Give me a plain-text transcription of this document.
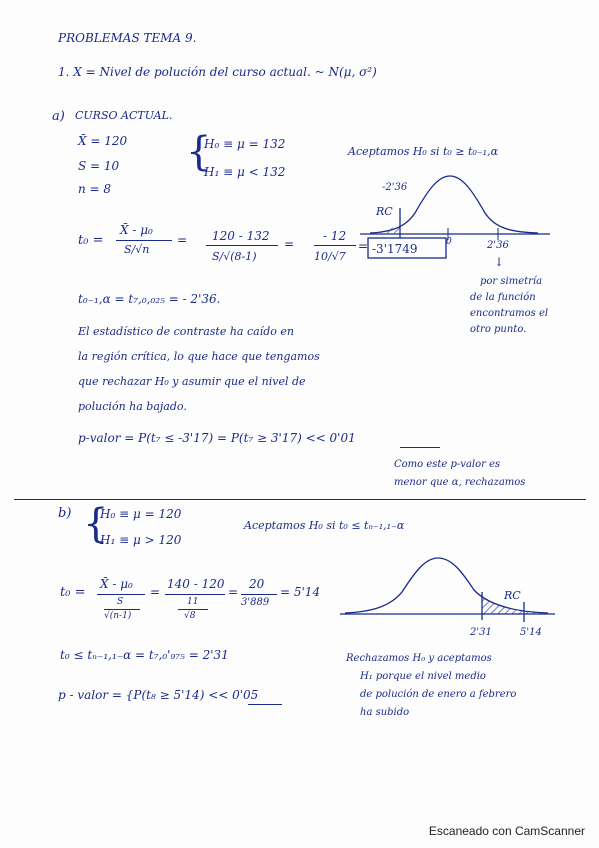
PROBLEMAS TEMA 9.
1. X = Nivel de polución del curso actual. ~ N(μ, σ²)
a) CURSO ACTUAL.
X̄ = 120
S = 10
n = 8
{
H₀ ≡ μ = 132
H₁ ≡ μ < 132
Aceptamos H₀ si t₀ ≥ t₀₋₁,α
-2'36
RC
-3'1749	0	2'36
↓
t₀ =
X̄ - μ₀
S/√n
= 120 - 132
S/√(8-1)
=
- 12
10/√7
=
por simetría
de la función
encontramos el
otro punto.
t₀₋₁,α = t₇,₀,₀₂₅ = - 2'36.
El estadístico de contraste ha caído en
la región crítica, lo que hace que tengamos
que rechazar H₀ y asumir que el nivel de
polución ha bajado.
p-valor = P(t₇ ≤ -3'17) = P(t₇ ≥ 3'17) << 0'01
Como este p-valor es
menor que α, rechazamos
b) {
H₀ ≡ μ = 120
H₁ ≡ μ > 120
Aceptamos H₀ si t₀ ≤ tₙ₋₁,₁₋α
t₀ =
X̄ - μ₀
S
√(n-1)
=
140 - 120
11
√8
=
20
3'889
= 5'14	RC
2'31	5'14
t₀ ≤ tₙ₋₁,₁₋α = t₇,₀'₉₇₅ = 2'31
p - valor = {P(t₈ ≥ 5'14) << 0'05
Rechazamos H₀ y aceptamos
H₁ porque el nivel medio
de polución de enero a febrero
ha subido
Escaneado con CamScanner
